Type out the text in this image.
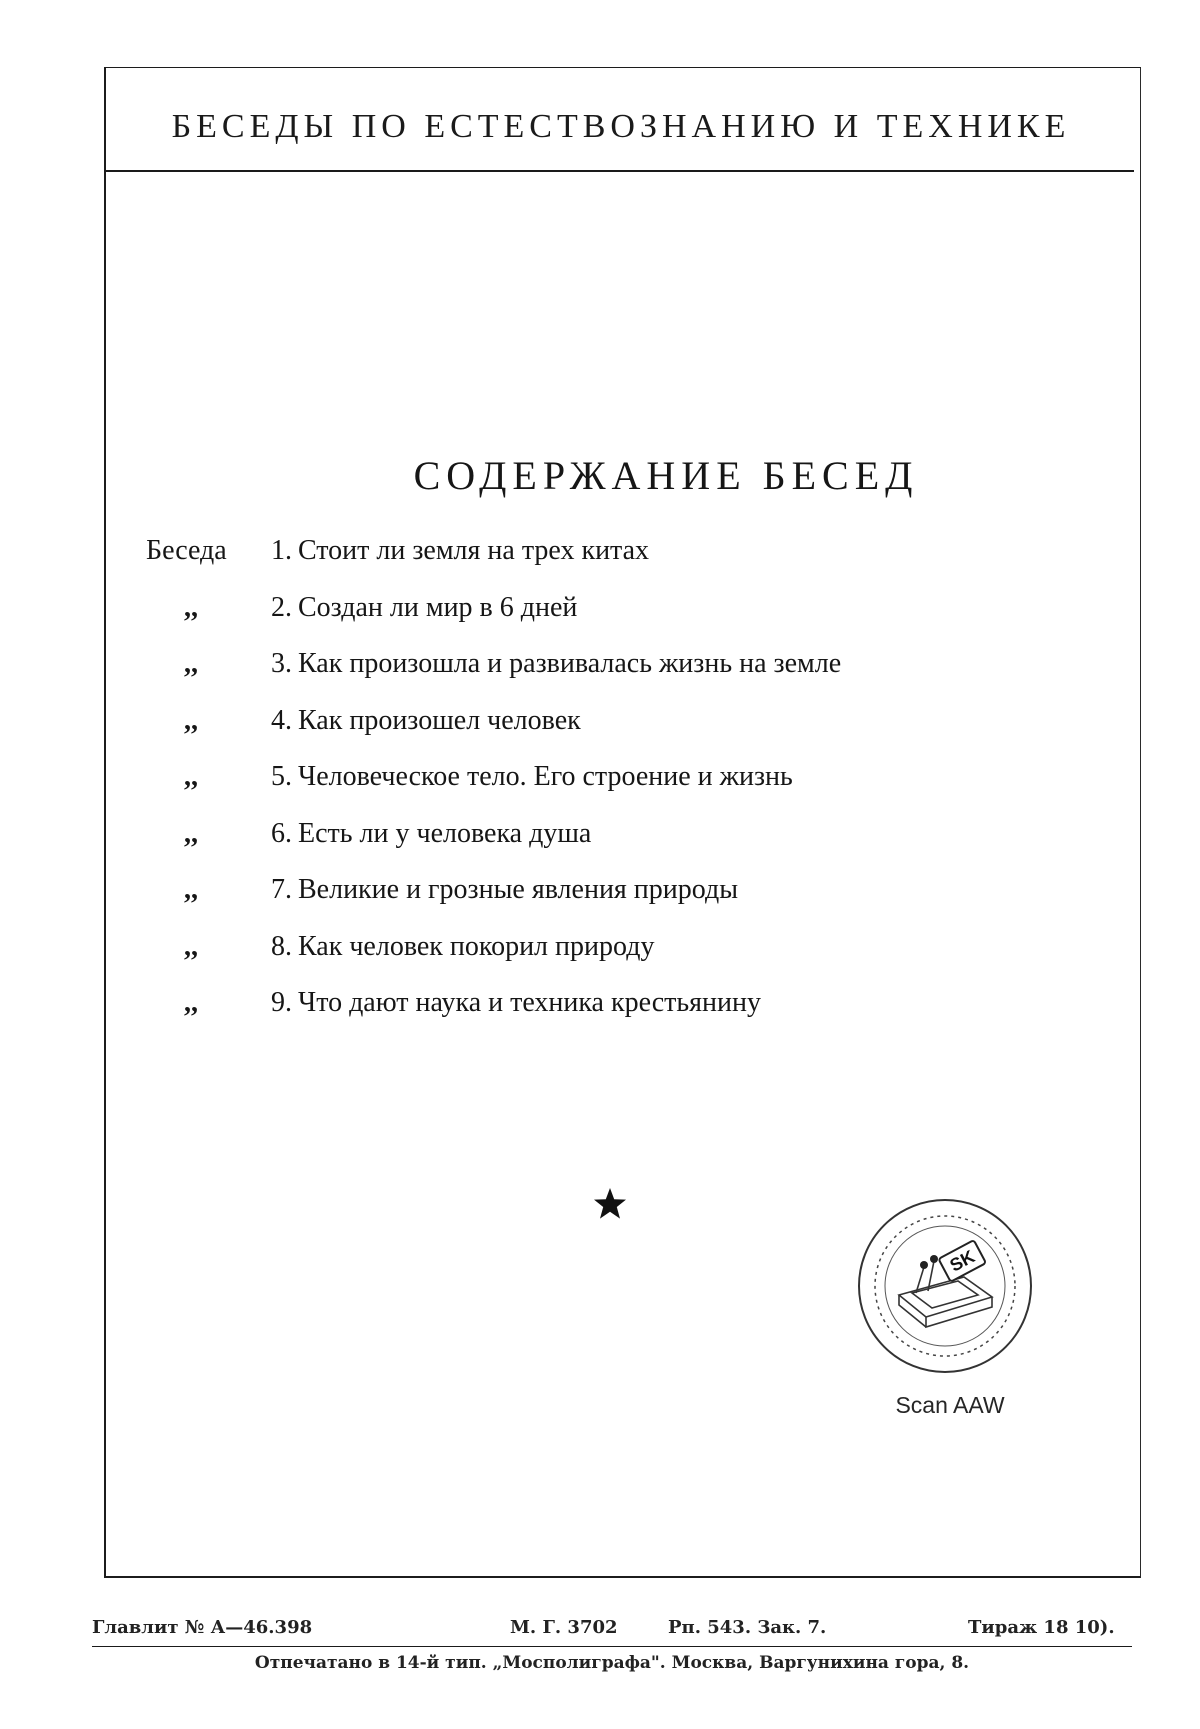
БЕСЕДЫ ПО ЕСТЕСТВОЗНАНИЮ И ТЕХНИКЕ
СОДЕРЖАНИЕ БЕСЕД
Беседа	1. Стоит ли земля на трех китах
,,	2. Создан ли мир в 6 дней
,,	3. Как произошла и развивалась жизнь на земле
,,	4. Как произошел человек
,,	5. Человеческое тело. Его строение и жизнь
,,	6. Есть ли у человека душа
,,	7. Великие и грозные явления природы
,,	8. Как человек покорил природу
,,	9. Что дают наука и техника крестьянину
SK
Scan AAW
Главлит № А—46.398	М. Г. 3702	Рп. 543. Зак. 7.	Тираж 18 10).
Отпечатано в 14-й тип. „Мосполиграфа". Москва, Варгунихина гора, 8.
